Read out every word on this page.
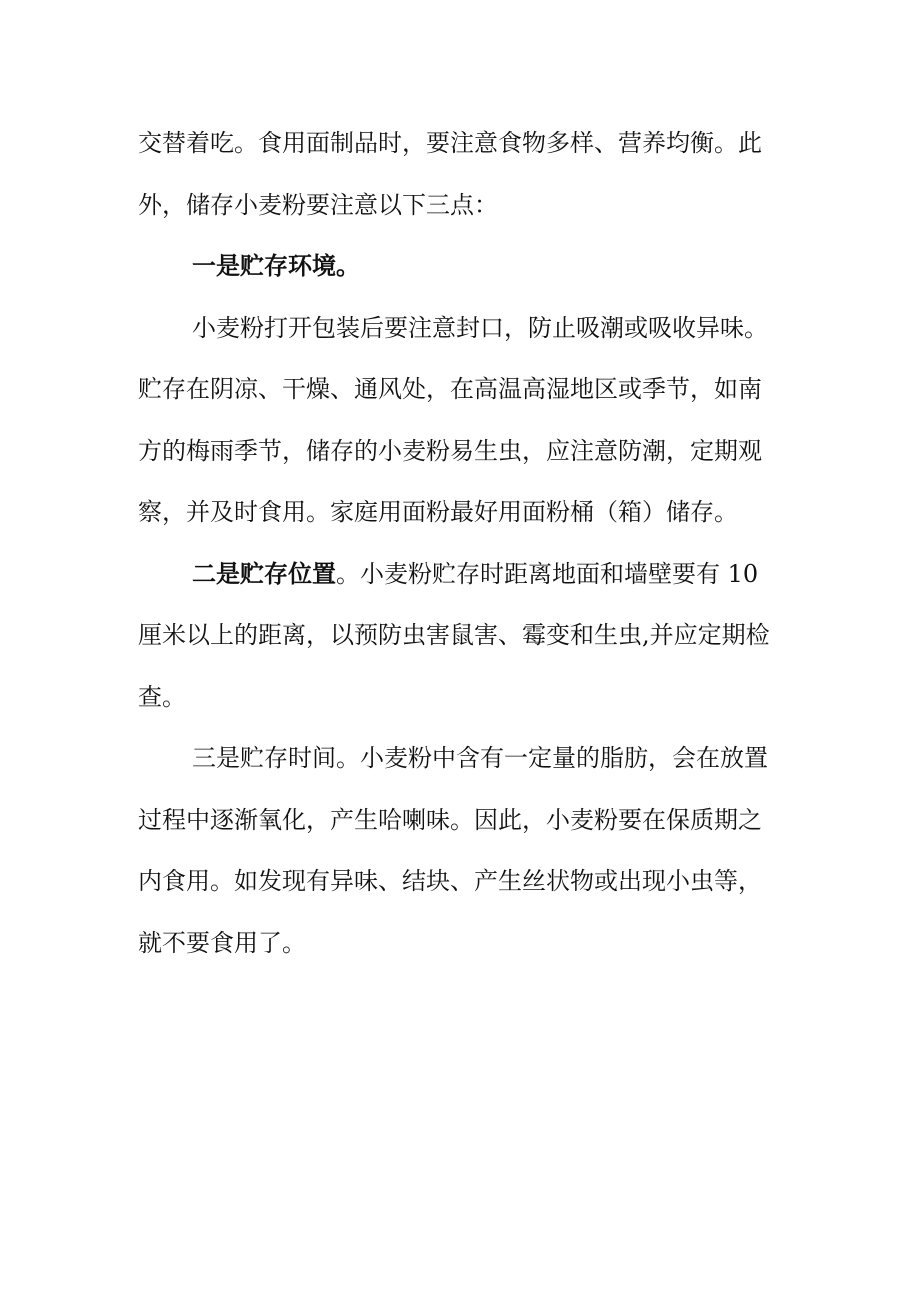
交替着吃。食用面制品时，要注意食物多样、营养均衡。此
外，储存小麦粉要注意以下三点：
一是贮存环境。
小麦粉打开包装后要注意封口，防止吸潮或吸收异味。
贮存在阴凉、干燥、通风处，在高温高湿地区或季节，如南
方的梅雨季节，储存的小麦粉易生虫，应注意防潮，定期观
察，并及时食用。家庭用面粉最好用面粉桶（箱）储存。
二是贮存位置。小麦粉贮存时距离地面和墙壁要有 10
厘米以上的距离，以预防虫害鼠害、霉变和生虫,并应定期检
查。
三是贮存时间。小麦粉中含有一定量的脂肪，会在放置
过程中逐渐氧化，产生哈喇味。因此，小麦粉要在保质期之
内食用。如发现有异味、结块、产生丝状物或出现小虫等，
就不要食用了。
